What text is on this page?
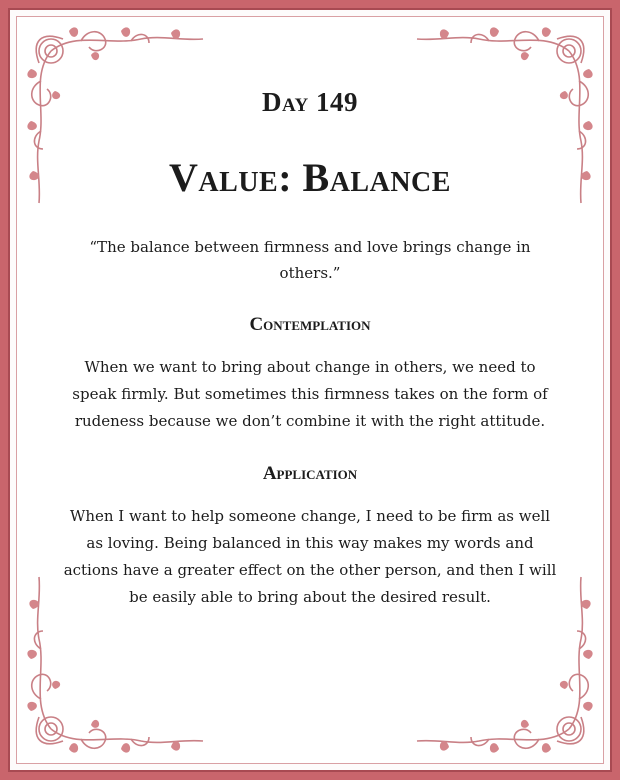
Day 149
Value: Balance

“The balance between firmness and love brings change in others.”

Contemplation

When we want to bring about change in others, we need to speak firmly. But sometimes this firmness takes on the form of rudeness because we don’t combine it with the right attitude.

Application

When I want to help someone change, I need to be firm as well as loving. Being balanced in this way makes my words and actions have a greater effect on the other person, and then I will be easily able to bring about the desired result.
